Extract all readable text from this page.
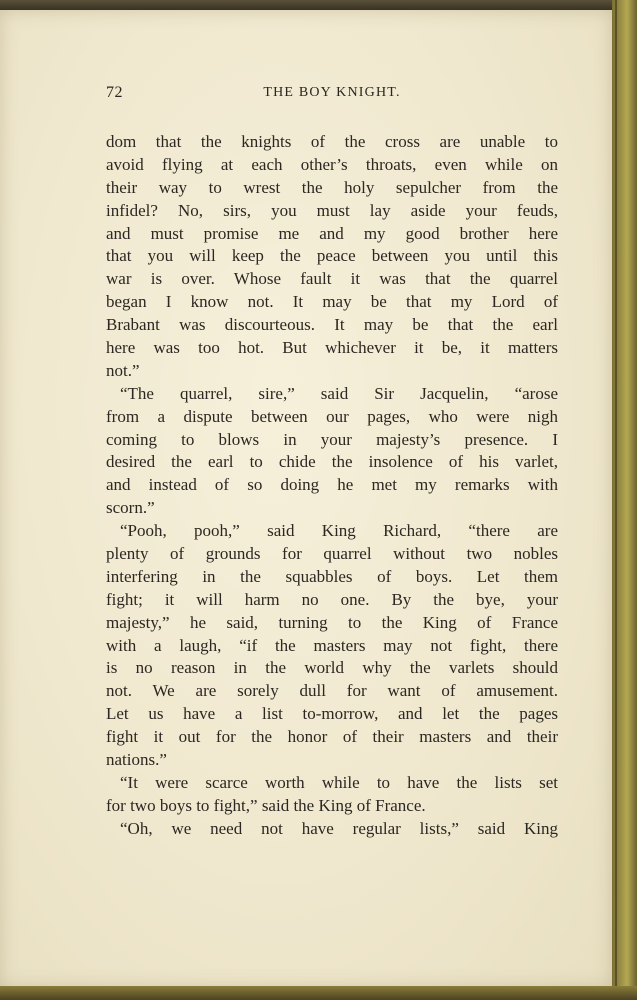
72	THE BOY KNIGHT.
dom that the knights of the cross are unable to
avoid flying at each other’s throats, even while on
their way to wrest the holy sepulcher from the
infidel? No, sirs, you must lay aside your feuds,
and must promise me and my good brother here
that you will keep the peace between you until this
war is over. Whose fault it was that the quarrel
began I know not. It may be that my Lord of
Brabant was discourteous. It may be that the earl
here was too hot. But whichever it be, it matters
not.”
“The quarrel, sire,” said Sir Jacquelin, “arose
from a dispute between our pages, who were nigh
coming to blows in your majesty’s presence. I
desired the earl to chide the insolence of his varlet,
and instead of so doing he met my remarks with
scorn.”
“Pooh, pooh,” said King Richard, “there are
plenty of grounds for quarrel without two nobles
interfering in the squabbles of boys. Let them
fight; it will harm no one. By the bye, your
majesty,” he said, turning to the King of France
with a laugh, “if the masters may not fight, there
is no reason in the world why the varlets should
not. We are sorely dull for want of amusement.
Let us have a list to-morrow, and let the pages
fight it out for the honor of their masters and their
nations.”
“It were scarce worth while to have the lists set
for two boys to fight,” said the King of France.
“Oh, we need not have regular lists,” said King
